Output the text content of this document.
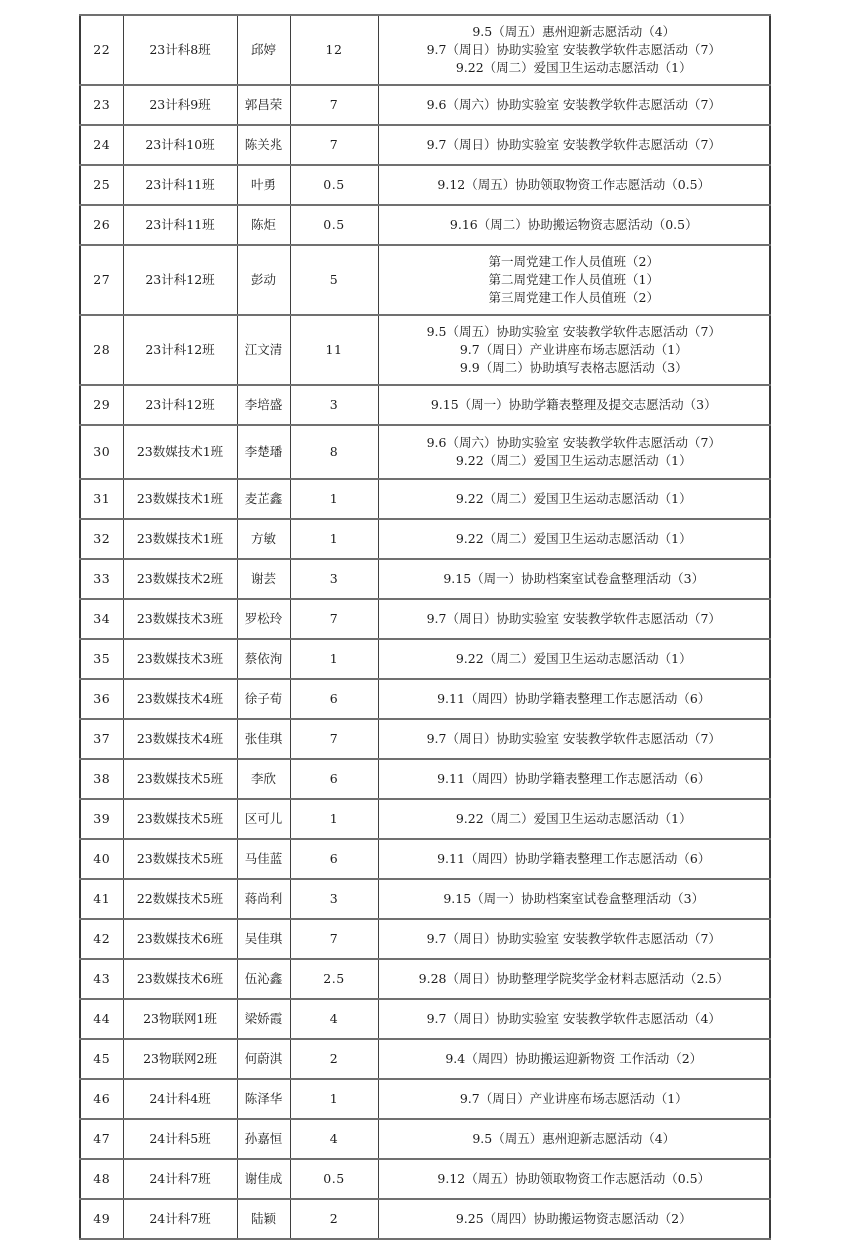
22	23计科8班	邱婷	12	9.5（周五）惠州迎新志愿活动（4）
9.7（周日）协助实验室 安装教学软件志愿活动（7）
9.22（周二）爱国卫生运动志愿活动（1）

23	23计科9班	郭昌荣	7	9.6（周六）协助实验室 安装教学软件志愿活动（7）

24	23计科10班	陈关兆	7	9.7（周日）协助实验室 安装教学软件志愿活动（7）

25	23计科11班	叶勇	0.5	9.12（周五）协助领取物资工作志愿活动（0.5）

26	23计科11班	陈炬	0.5	9.16（周二）协助搬运物资志愿活动（0.5）

27	23计科12班	彭动	5	第一周党建工作人员值班（2）
第二周党建工作人员值班（1）
第三周党建工作人员值班（2）

28	23计科12班	江文清	11	9.5（周五）协助实验室 安装教学软件志愿活动（7）
9.7（周日）产业讲座布场志愿活动（1）
9.9（周二）协助填写表格志愿活动（3）

29	23计科12班	李培盛	3	9.15（周一）协助学籍表整理及提交志愿活动（3）

30	23数媒技术1班	李楚璠	8	9.6（周六）协助实验室 安装教学软件志愿活动（7）
9.22（周二）爱国卫生运动志愿活动（1）

31	23数媒技术1班	麦芷鑫	1	9.22（周二）爱国卫生运动志愿活动（1）

32	23数媒技术1班	方敏	1	9.22（周二）爱国卫生运动志愿活动（1）

33	23数媒技术2班	谢芸	3	9.15（周一）协助档案室试卷盒整理活动（3）

34	23数媒技术3班	罗松玲	7	9.7（周日）协助实验室 安装教学软件志愿活动（7）

35	23数媒技术3班	蔡依洵	1	9.22（周二）爱国卫生运动志愿活动（1）

36	23数媒技术4班	徐子荀	6	9.11（周四）协助学籍表整理工作志愿活动（6）

37	23数媒技术4班	张佳琪	7	9.7（周日）协助实验室 安装教学软件志愿活动（7）

38	23数媒技术5班	李欣	6	9.11（周四）协助学籍表整理工作志愿活动（6）

39	23数媒技术5班	区可儿	1	9.22（周二）爱国卫生运动志愿活动（1）

40	23数媒技术5班	马佳蓝	6	9.11（周四）协助学籍表整理工作志愿活动（6）

41	22数媒技术5班	蒋尚利	3	9.15（周一）协助档案室试卷盒整理活动（3）

42	23数媒技术6班	吴佳琪	7	9.7（周日）协助实验室 安装教学软件志愿活动（7）

43	23数媒技术6班	伍沁鑫	2.5	9.28（周日）协助整理学院奖学金材料志愿活动（2.5）

44	23物联网1班	梁娇霞	4	9.7（周日）协助实验室 安装教学软件志愿活动（4）

45	23物联网2班	何蔚淇	2	9.4（周四）协助搬运迎新物资 工作活动（2）

46	24计科4班	陈泽华	1	9.7（周日）产业讲座布场志愿活动（1）

47	24计科5班	孙嘉恒	4	9.5（周五）惠州迎新志愿活动（4）

48	24计科7班	谢佳成	0.5	9.12（周五）协助领取物资工作志愿活动（0.5）

49	24计科7班	陆颖	2	9.25（周四）协助搬运物资志愿活动（2）
